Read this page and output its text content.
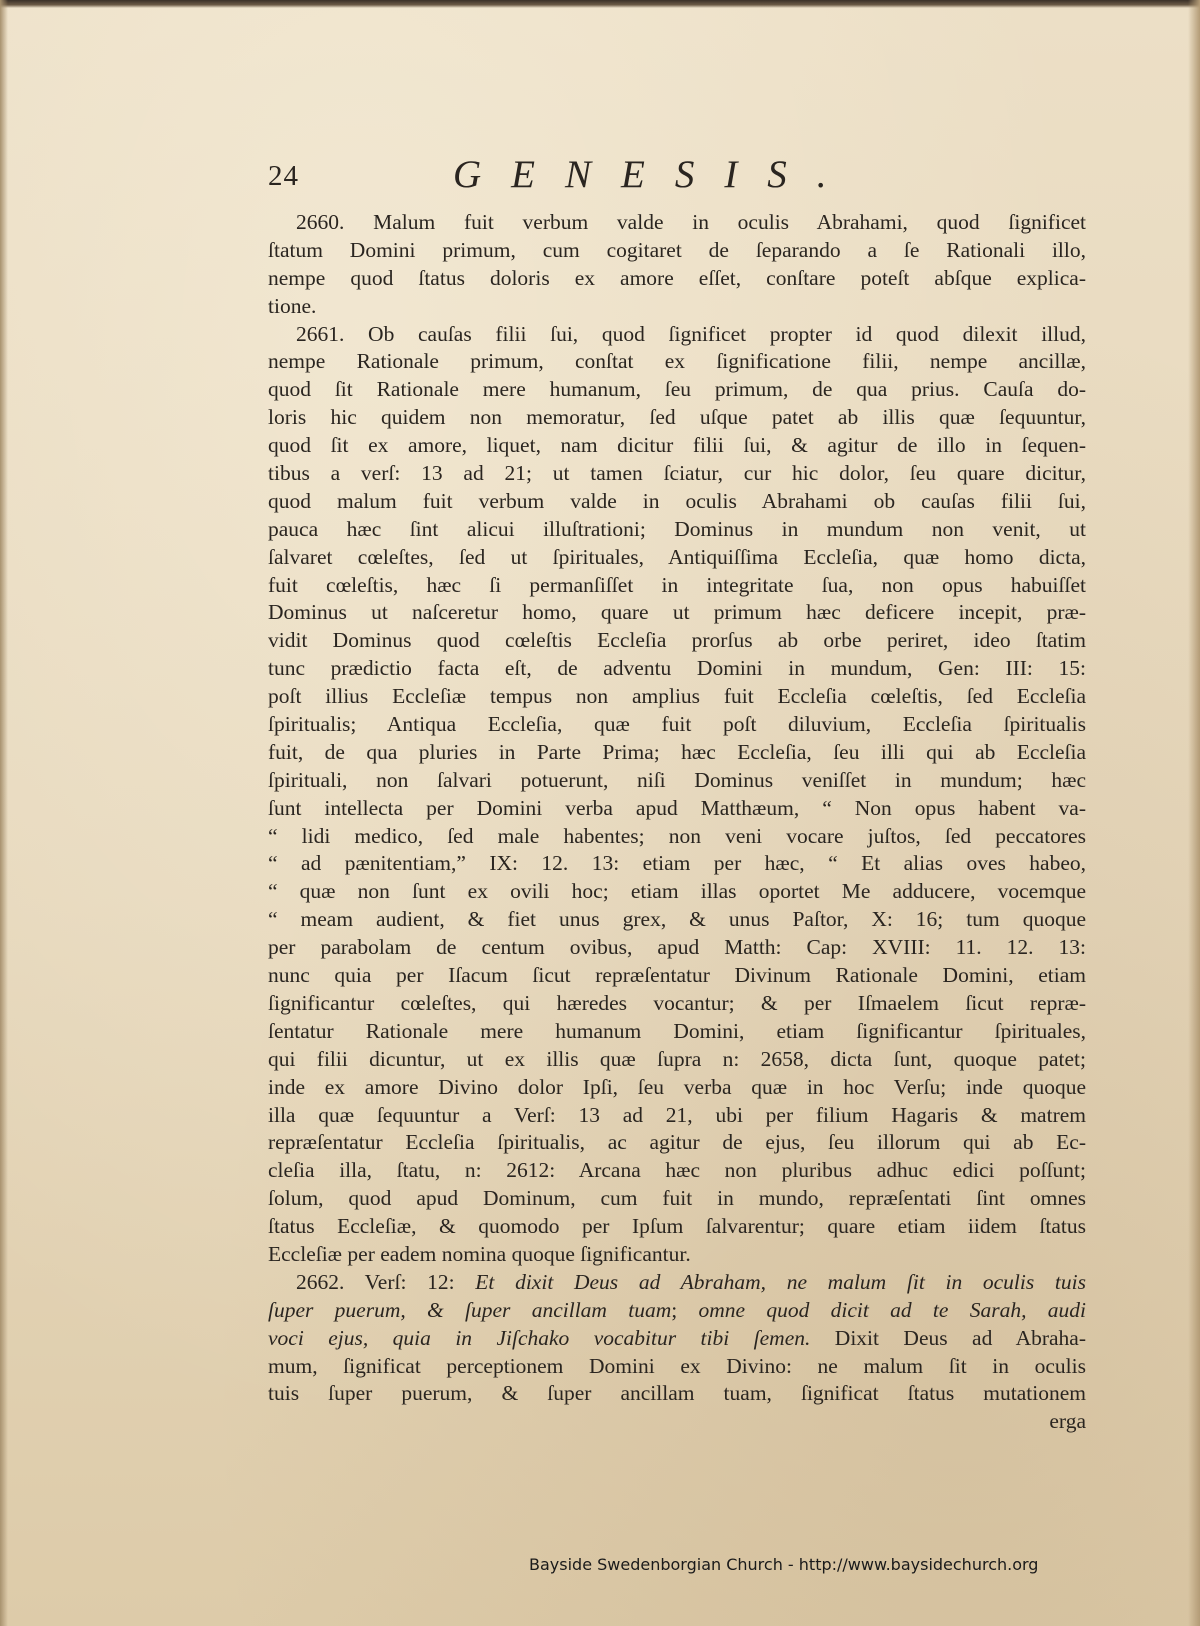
24	GENESIS.
2660. Malum fuit verbum valde in oculis Abrahami, quod ſignificet
ſtatum Domini primum, cum cogitaret de ſeparando a ſe Rationali illo,
nempe quod ſtatus doloris ex amore eſſet, conſtare poteſt abſque explica-
tione.
2661. Ob cauſas filii ſui, quod ſignificet propter id quod dilexit illud,
nempe Rationale primum, conſtat ex ſignificatione filii, nempe ancillæ,
quod ſit Rationale mere humanum, ſeu primum, de qua prius. Cauſa do-
loris hic quidem non memoratur, ſed uſque patet ab illis quæ ſequuntur,
quod ſit ex amore, liquet, nam dicitur filii ſui, & agitur de illo in ſequen-
tibus a verſ: 13 ad 21; ut tamen ſciatur, cur hic dolor, ſeu quare dicitur,
quod malum fuit verbum valde in oculis Abrahami ob cauſas filii ſui,
pauca hæc ſint alicui illuſtrationi; Dominus in mundum non venit, ut
ſalvaret cœleſtes, ſed ut ſpirituales, Antiquiſſima Eccleſia, quæ homo dicta,
fuit cœleſtis, hæc ſi permanſiſſet in integritate ſua, non opus habuiſſet
Dominus ut naſceretur homo, quare ut primum hæc deficere incepit, præ-
vidit Dominus quod cœleſtis Eccleſia prorſus ab orbe periret, ideo ſtatim
tunc prædictio facta eſt, de adventu Domini in mundum, Gen: III: 15:
poſt illius Eccleſiæ tempus non amplius fuit Eccleſia cœleſtis, ſed Eccleſia
ſpiritualis; Antiqua Eccleſia, quæ fuit poſt diluvium, Eccleſia ſpiritualis
fuit, de qua pluries in Parte Prima; hæc Eccleſia, ſeu illi qui ab Eccleſia
ſpirituali, non ſalvari potuerunt, niſi Dominus veniſſet in mundum; hæc
ſunt intellecta per Domini verba apud Matthæum, “ Non opus habent va-
“ lidi medico, ſed male habentes; non veni vocare juſtos, ſed peccatores
“ ad pænitentiam,” IX: 12. 13: etiam per hæc, “ Et alias oves habeo,
“ quæ non ſunt ex ovili hoc; etiam illas oportet Me adducere, vocemque
“ meam audient, & fiet unus grex, & unus Paſtor, X: 16; tum quoque
per parabolam de centum ovibus, apud Matth: Cap: XVIII: 11. 12. 13:
nunc quia per Iſacum ſicut repræſentatur Divinum Rationale Domini, etiam
ſignificantur cœleſtes, qui hæredes vocantur; & per Iſmaelem ſicut repræ-
ſentatur Rationale mere humanum Domini, etiam ſignificantur ſpirituales,
qui filii dicuntur, ut ex illis quæ ſupra n: 2658, dicta ſunt, quoque patet;
inde ex amore Divino dolor Ipſi, ſeu verba quæ in hoc Verſu; inde quoque
illa quæ ſequuntur a Verſ: 13 ad 21, ubi per filium Hagaris & matrem
repræſentatur Eccleſia ſpiritualis, ac agitur de ejus, ſeu illorum qui ab Ec-
cleſia illa, ſtatu, n: 2612: Arcana hæc non pluribus adhuc edici poſſunt;
ſolum, quod apud Dominum, cum fuit in mundo, repræſentati ſint omnes
ſtatus Eccleſiæ, & quomodo per Ipſum ſalvarentur; quare etiam iidem ſtatus
Eccleſiæ per eadem nomina quoque ſignificantur.
2662. Verſ: 12: Et dixit Deus ad Abraham, ne malum ſit in oculis tuis
ſuper puerum, & ſuper ancillam tuam; omne quod dicit ad te Sarah, audi
voci ejus, quia in Jiſchako vocabitur tibi ſemen. Dixit Deus ad Abraha-
mum, ſignificat perceptionem Domini ex Divino: ne malum ſit in oculis
tuis ſuper puerum, & ſuper ancillam tuam, ſignificat ſtatus mutationem
erga
Bayside Swedenborgian Church - http://www.baysidechurch.org
